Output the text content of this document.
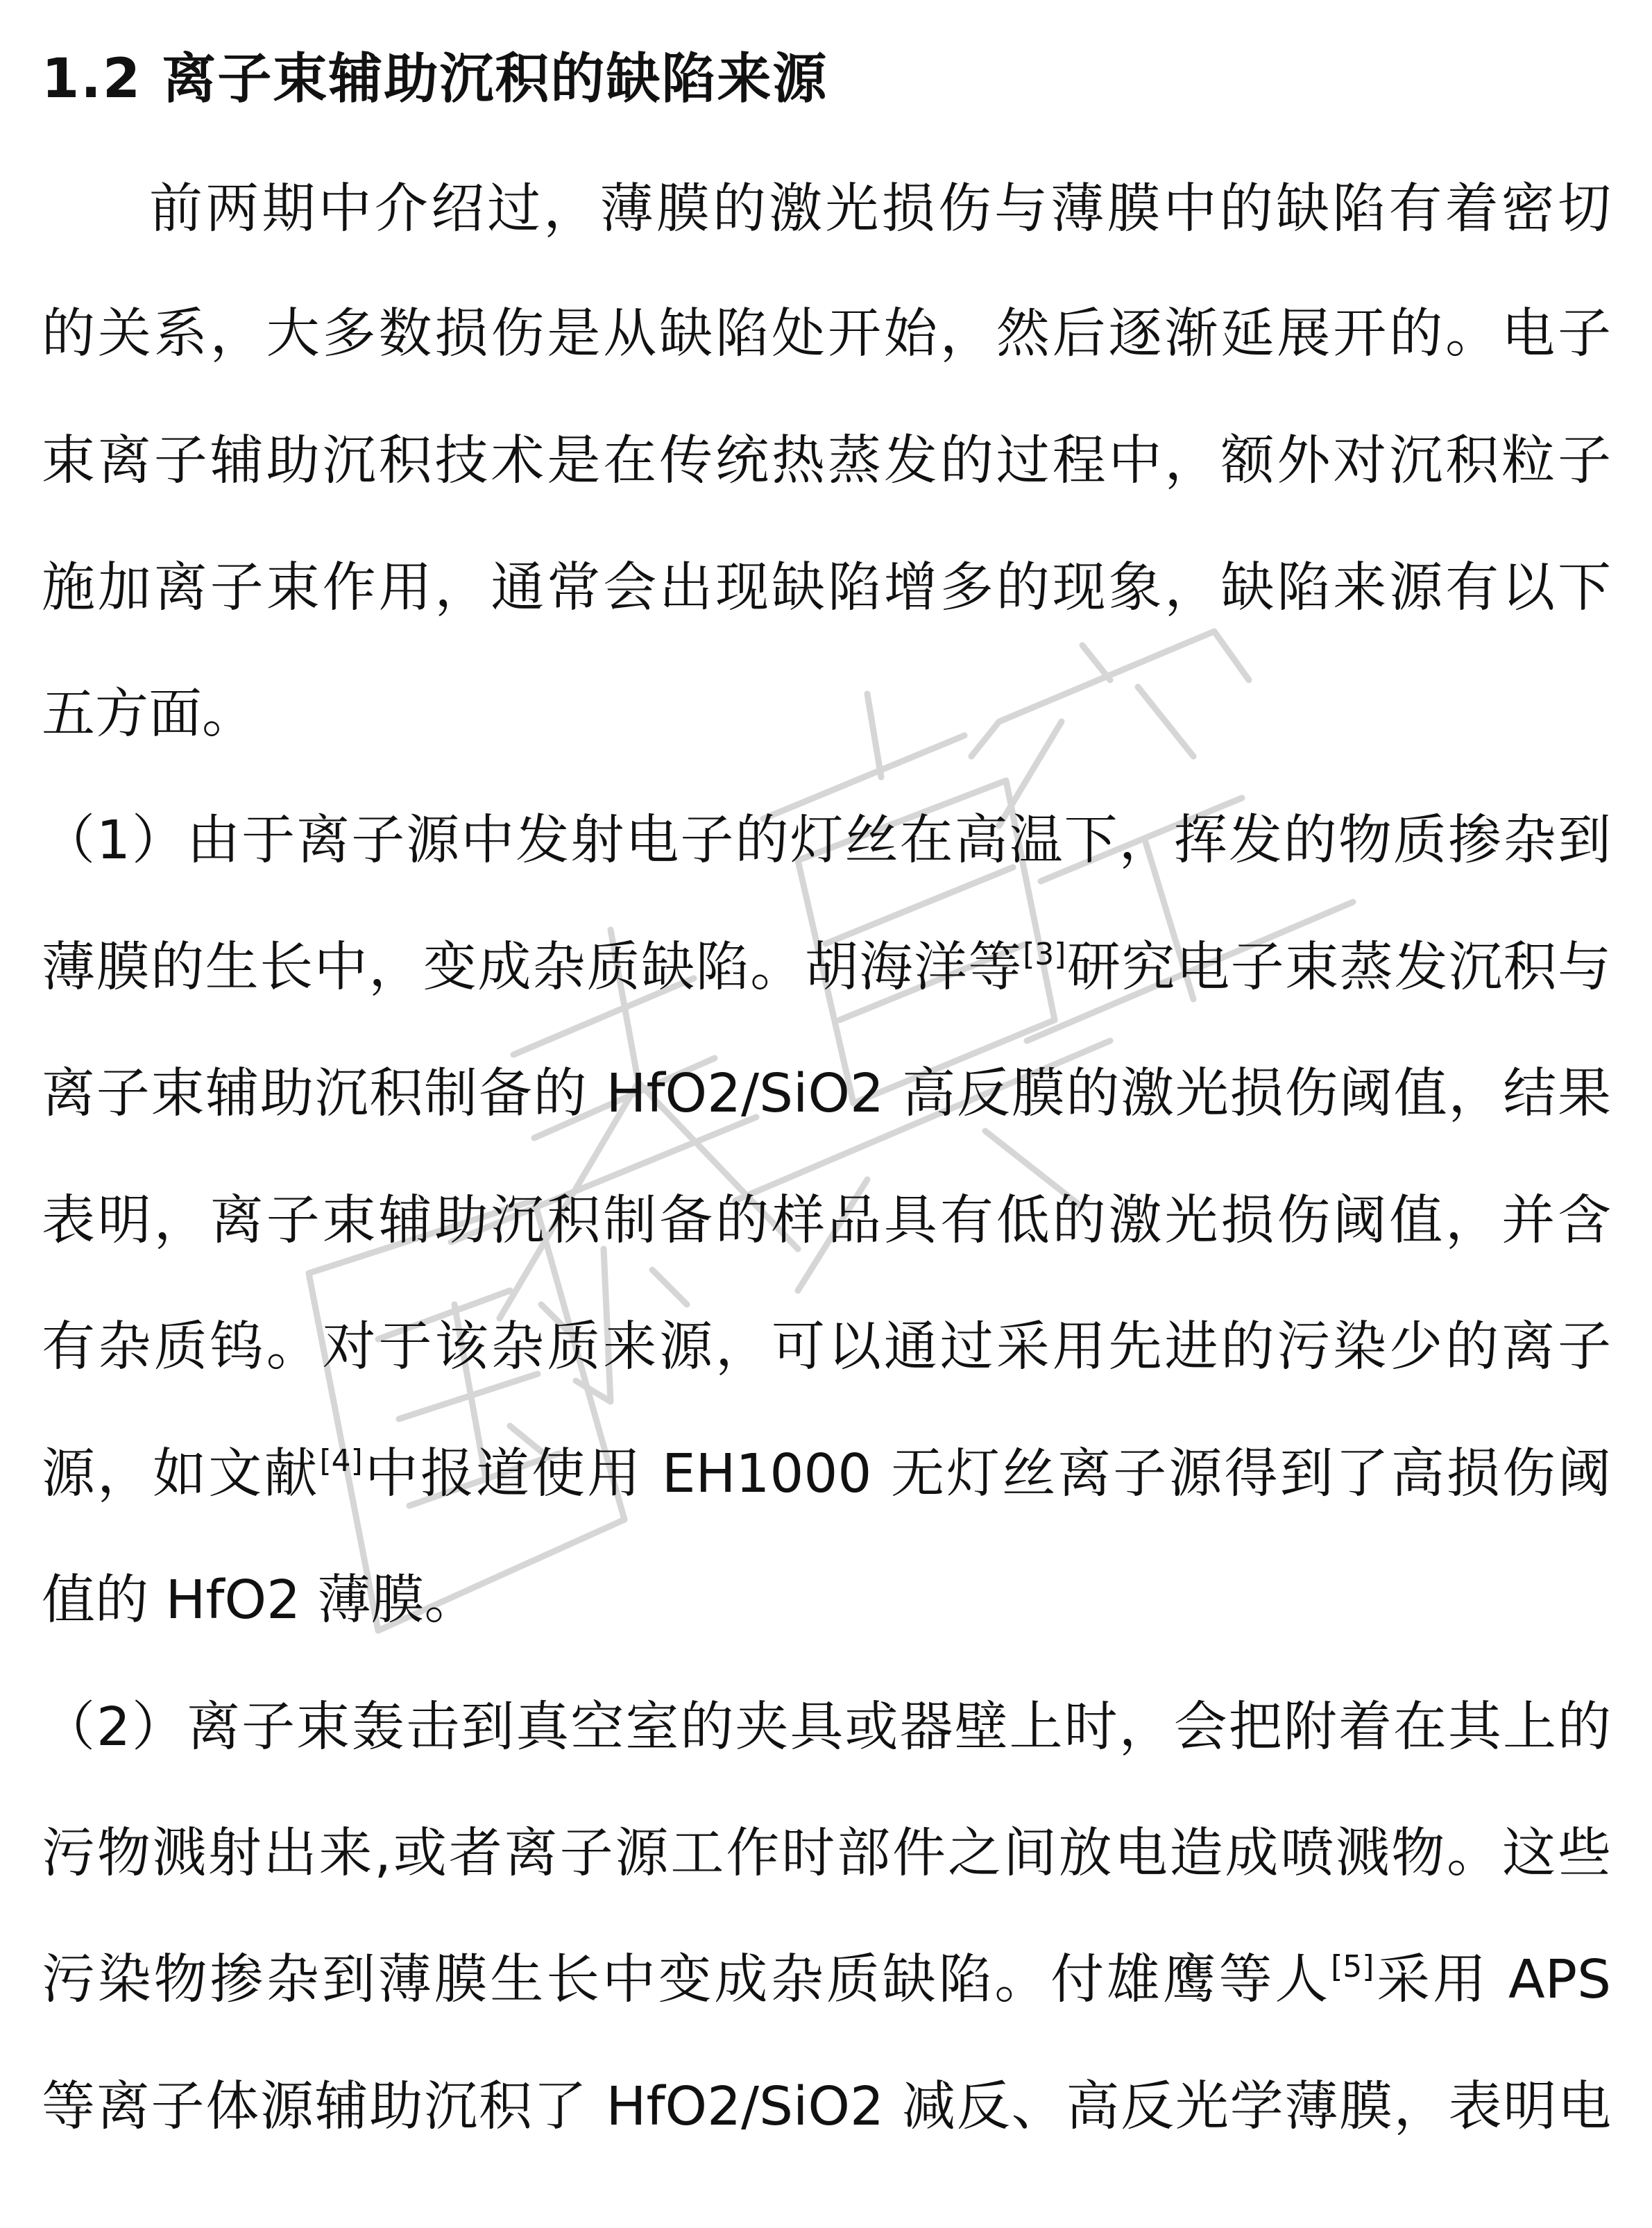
1.2 离子束辅助沉积的缺陷来源
前两期中介绍过，薄膜的激光损伤与薄膜中的缺陷有着密切
的关系，大多数损伤是从缺陷处开始，然后逐渐延展开的。电子
束离子辅助沉积技术是在传统热蒸发的过程中，额外对沉积粒子
施加离子束作用，通常会出现缺陷增多的现象，缺陷来源有以下
五方面。
（1）由于离子源中发射电子的灯丝在高温下，挥发的物质掺杂到
薄膜的生长中，变成杂质缺陷。胡海洋等[3]研究电子束蒸发沉积与
离子束辅助沉积制备的 HfO2/SiO2 高反膜的激光损伤阈值，结果
表明，离子束辅助沉积制备的样品具有低的激光损伤阈值，并含
有杂质钨。对于该杂质来源，可以通过采用先进的污染少的离子
源，如文献[4]中报道使用 EH1000 无灯丝离子源得到了高损伤阈
值的 HfO2 薄膜。
（2）离子束轰击到真空室的夹具或器壁上时，会把附着在其上的
污物溅射出来,或者离子源工作时部件之间放电造成喷溅物。这些
污染物掺杂到薄膜生长中变成杂质缺陷。付雄鹰等人[5]采用 APS
等离子体源辅助沉积了 HfO2/SiO2 减反、高反光学薄膜，表明电
